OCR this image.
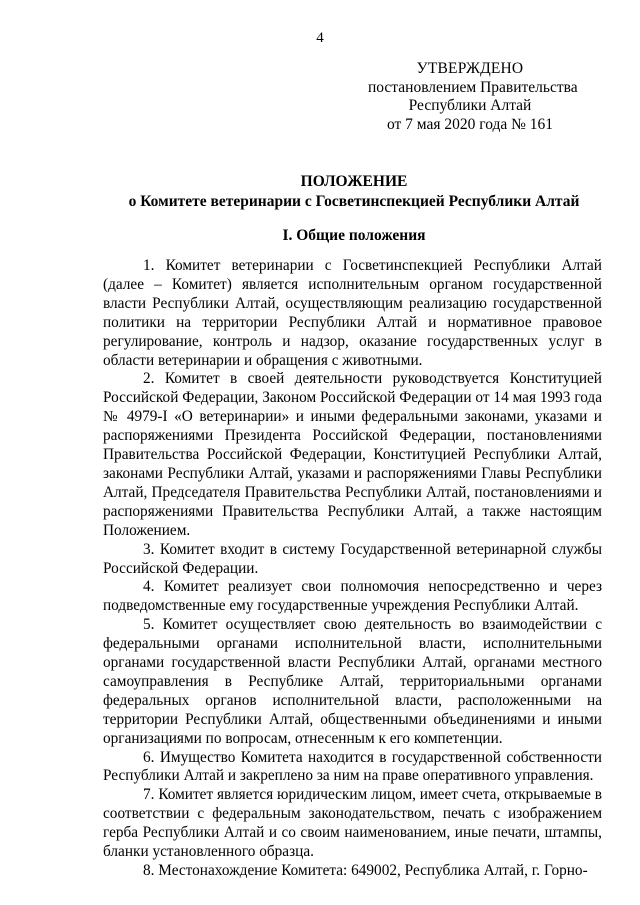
4
УТВЕРЖДЕНО
постановлением Правительства
Республики Алтай
от 7 мая 2020 года № 161
ПОЛОЖЕНИЕ
о Комитете ветеринарии с Госветинспекцией Республики Алтай
I. Общие положения

1. Комитет ветеринарии с Госветинспекцией Республики Алтай (далее – Комитет) является исполнительным органом государственной власти Республики Алтай, осуществляющим реализацию государственной политики на территории Республики Алтай и нормативное правовое регулирование, контроль и надзор, оказание государственных услуг в области ветеринарии и обращения с животными.

2. Комитет в своей деятельности руководствуется Конституцией Российской Федерации, Законом Российской Федерации от 14 мая 1993 года № 4979-I «О ветеринарии» и иными федеральными законами, указами и распоряжениями Президента Российской Федерации, постановлениями Правительства Российской Федерации, Конституцией Республики Алтай, законами Республики Алтай, указами и распоряжениями Главы Республики Алтай, Председателя Правительства Республики Алтай, постановлениями и распоряжениями Правительства Республики Алтай, а также настоящим Положением.

3. Комитет входит в систему Государственной ветеринарной службы Российской Федерации.

4. Комитет реализует свои полномочия непосредственно и через подведомственные ему государственные учреждения Республики Алтай.

5. Комитет осуществляет свою деятельность во взаимодействии с федеральными органами исполнительной власти, исполнительными органами государственной власти Республики Алтай, органами местного самоуправления в Республике Алтай, территориальными органами федеральных органов исполнительной власти, расположенными на территории Республики Алтай, общественными объединениями и иными организациями по вопросам, отнесенным к его компетенции.

6. Имущество Комитета находится в государственной собственности Республики Алтай и закреплено за ним на праве оперативного управления.

7. Комитет является юридическим лицом, имеет счета, открываемые в соответствии с федеральным законодательством, печать с изображением герба Республики Алтай и со своим наименованием, иные печати, штампы, бланки установленного образца.

8. Местонахождение Комитета: 649002, Республика Алтай, г. Горно-
